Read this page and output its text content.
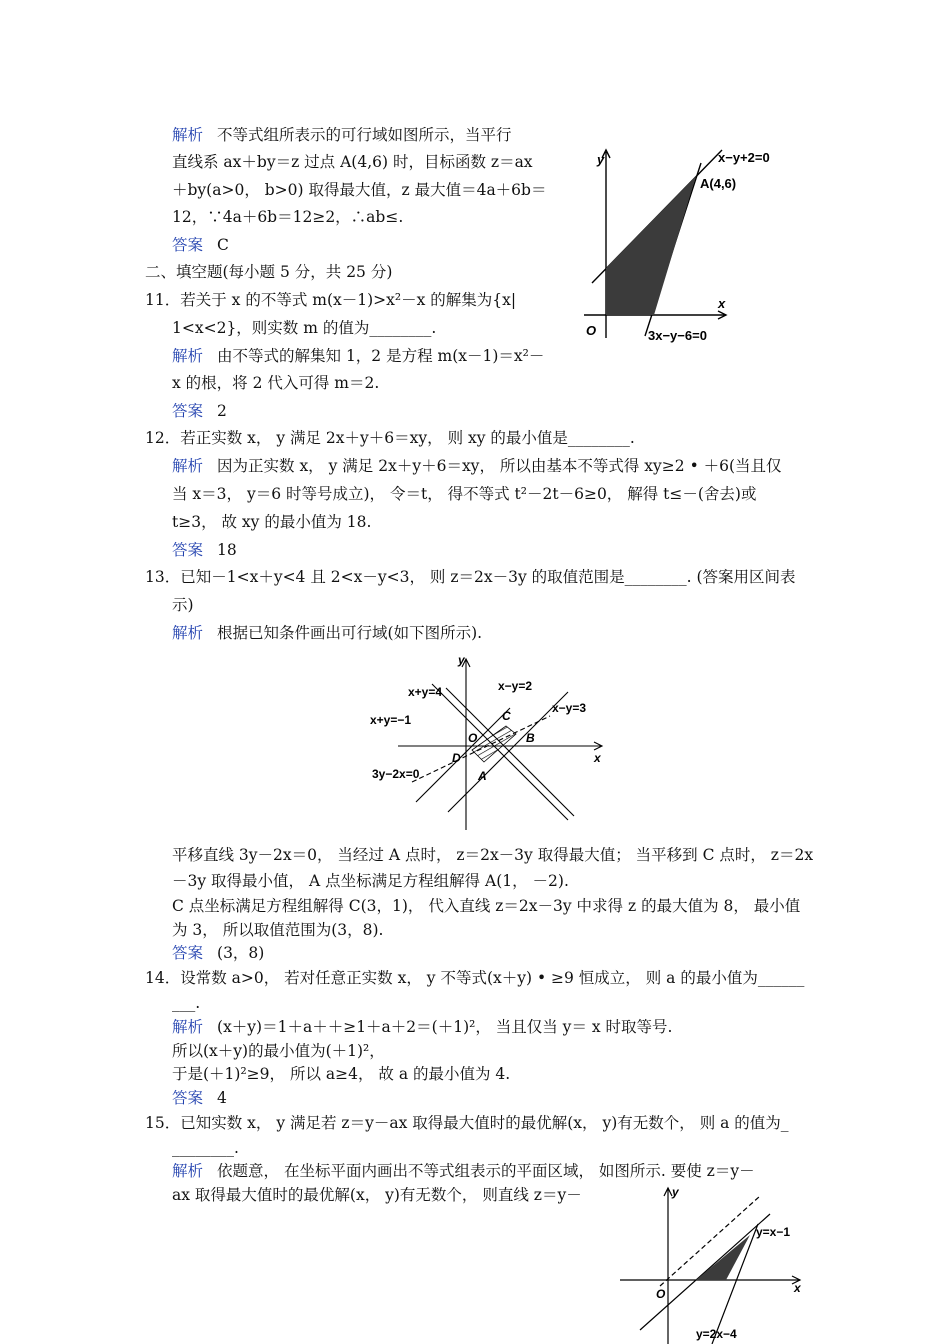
解析 不等式组所表示的可行域如图所示，当平行
直线系 ax＋by＝z 过点 A(4,6) 时，目标函数 z＝ax
＋by(a>0， b>0) 取得最大值，z 最大值＝4a＋6b＝
12，∵4a＋6b＝12≥2，∴ab≤.
答案 C
二、填空题(每小题 5 分，共 25 分)
11．若关于 x 的不等式 m(x－1)>x²－x 的解集为{x|
1<x<2}，则实数 m 的值为________.
解析 由不等式的解集知 1，2 是方程 m(x－1)＝x²－
x 的根，将 2 代入可得 m＝2.
答案 2
12．若正实数 x， y 满足 2x＋y＋6＝xy， 则 xy 的最小值是________.
解析 因为正实数 x， y 满足 2x＋y＋6＝xy， 所以由基本不等式得 xy≥2 • ＋6(当且仅
当 x＝3， y＝6 时等号成立)， 令＝t， 得不等式 t²－2t－6≥0， 解得 t≤－(舍去)或
t≥3， 故 xy 的最小值为 18.
答案 18
13．已知－1<x＋y<4 且 2<x－y<3， 则 z＝2x－3y 的取值范围是________. (答案用区间表
示)
解析 根据已知条件画出可行域(如下图所示).
平移直线 3y－2x＝0， 当经过 A 点时， z＝2x－3y 取得最大值； 当平移到 C 点时， z＝2x
－3y 取得最小值， A 点坐标满足方程组解得 A(1， －2).
C 点坐标满足方程组解得 C(3，1)， 代入直线 z＝2x－3y 中求得 z 的最大值为 8， 最小值
为 3， 所以取值范围为(3，8).
答案 (3，8)
14．设常数 a>0， 若对任意正实数 x， y 不等式(x＋y) • ≥9 恒成立， 则 a 的最小值为______
___.
解析 (x＋y)＝1＋a＋＋≥1＋a＋2＝(＋1)²， 当且仅当 y＝ x 时取等号.
所以(x＋y)的最小值为(＋1)²，
于是(＋1)²≥9， 所以 a≥4， 故 a 的最小值为 4.
答案 4
15．已知实数 x， y 满足若 z＝y－ax 取得最大值时的最优解(x， y)有无数个， 则 a 的值为_
________.
解析 依题意， 在坐标平面内画出不等式组表示的平面区域， 如图所示. 要使 z＝y－
ax 取得最大值时的最优解(x， y)有无数个， 则直线 z＝y－
y
x
O
x−y+2=0
A(4,6)
3x−y−6=0
y
x
O
A
B
C
D
x+y=4	x−y=2
x+y=−1
x−y=3
3y−2x=0
y
x
O
y=x−1
y=2x−4
